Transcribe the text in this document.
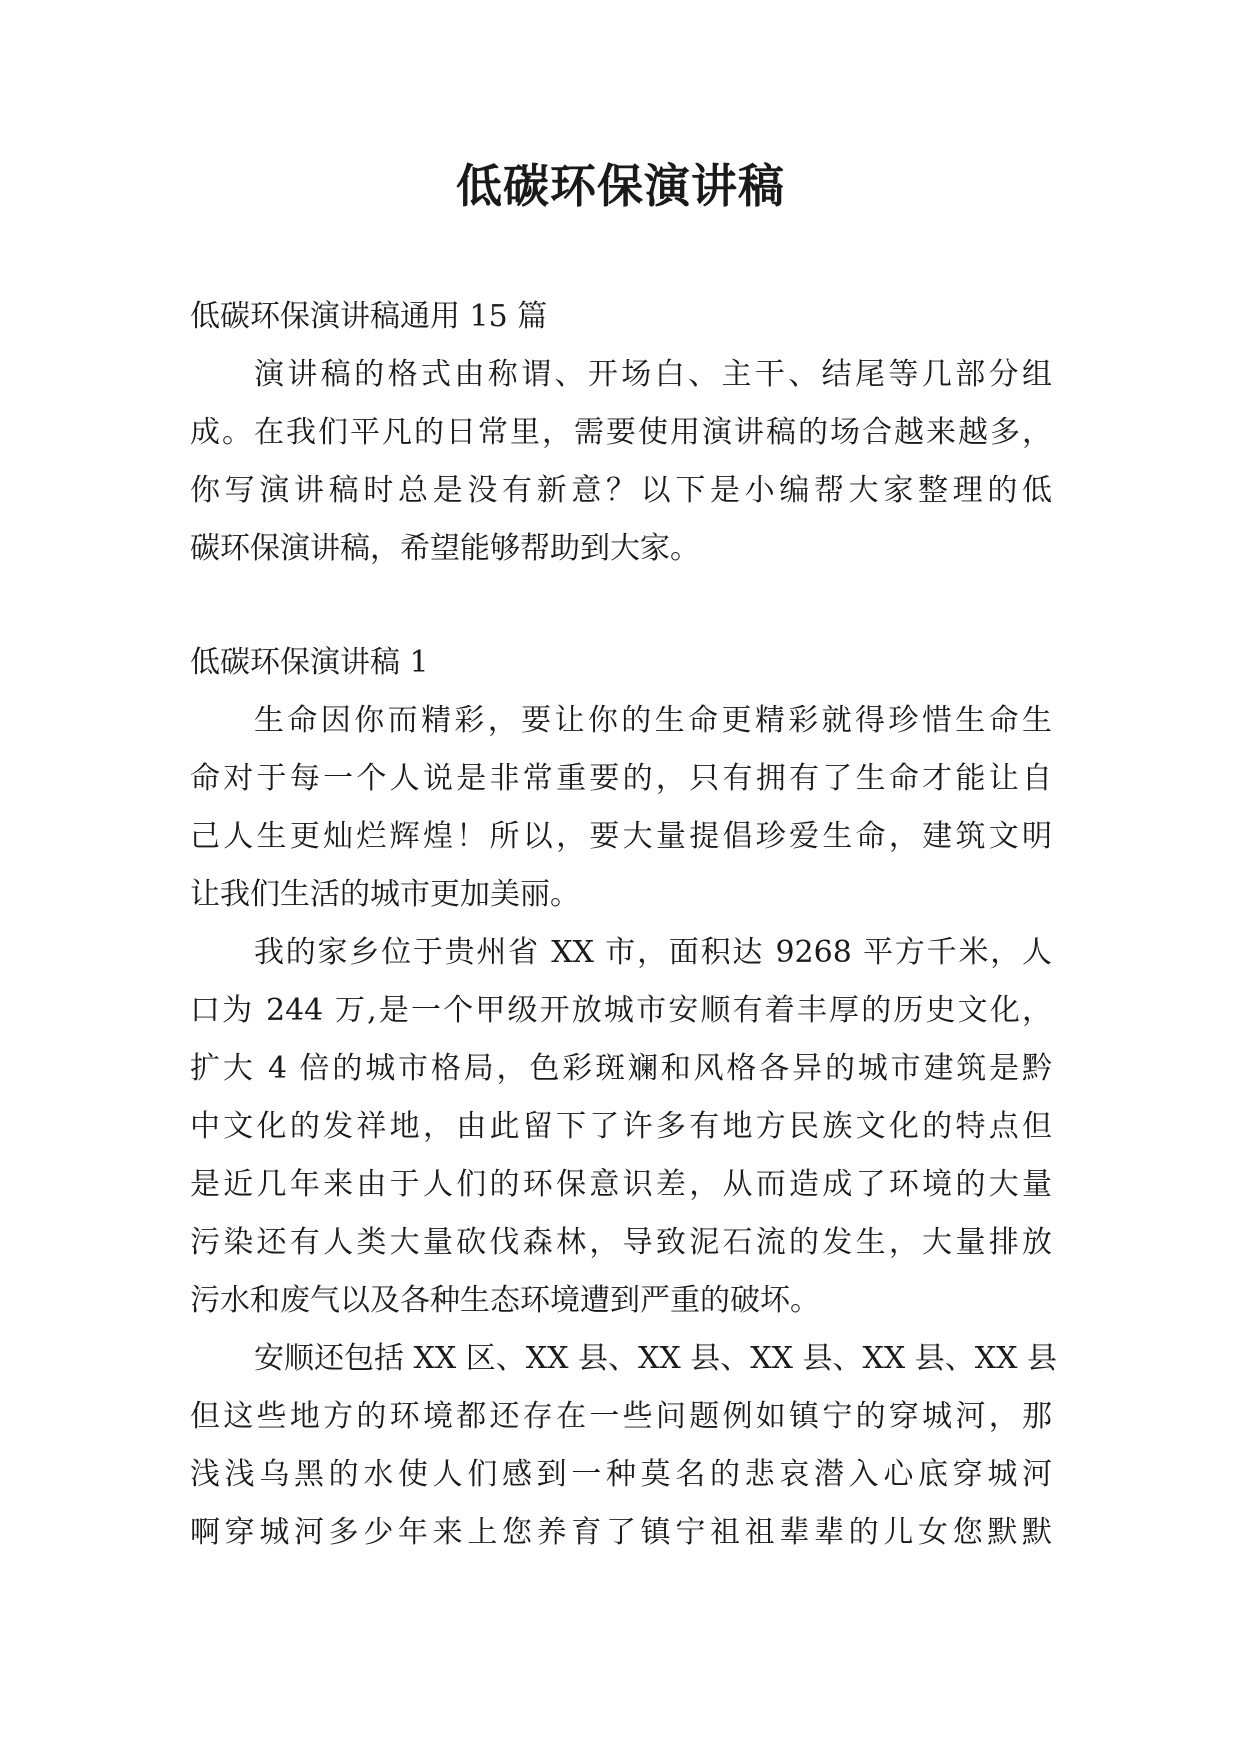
低碳环保演讲稿
低碳环保演讲稿通用 15 篇
演讲稿的格式由称谓、开场白、主干、结尾等几部分组
成。在我们平凡的日常里，需要使用演讲稿的场合越来越多，
你写演讲稿时总是没有新意？以下是小编帮大家整理的低
碳环保演讲稿，希望能够帮助到大家。
低碳环保演讲稿 1
生命因你而精彩，要让你的生命更精彩就得珍惜生命生
命对于每一个人说是非常重要的，只有拥有了生命才能让自
己人生更灿烂辉煌！所以，要大量提倡珍爱生命，建筑文明
让我们生活的城市更加美丽。
我的家乡位于贵州省 XX 市，面积达 9268 平方千米，人
口为 244 万,是一个甲级开放城市安顺有着丰厚的历史文化，
扩大 4 倍的城市格局，色彩斑斓和风格各异的城市建筑是黔
中文化的发祥地，由此留下了许多有地方民族文化的特点但
是近几年来由于人们的环保意识差，从而造成了环境的大量
污染还有人类大量砍伐森林，导致泥石流的发生，大量排放
污水和废气以及各种生态环境遭到严重的破坏。
安顺还包括 XX 区、XX 县、XX 县、XX 县、XX 县、XX 县
但这些地方的环境都还存在一些问题例如镇宁的穿城河，那
浅浅乌黑的水使人们感到一种莫名的悲哀潜入心底穿城河
啊穿城河多少年来上您养育了镇宁祖祖辈辈的儿女您默默
